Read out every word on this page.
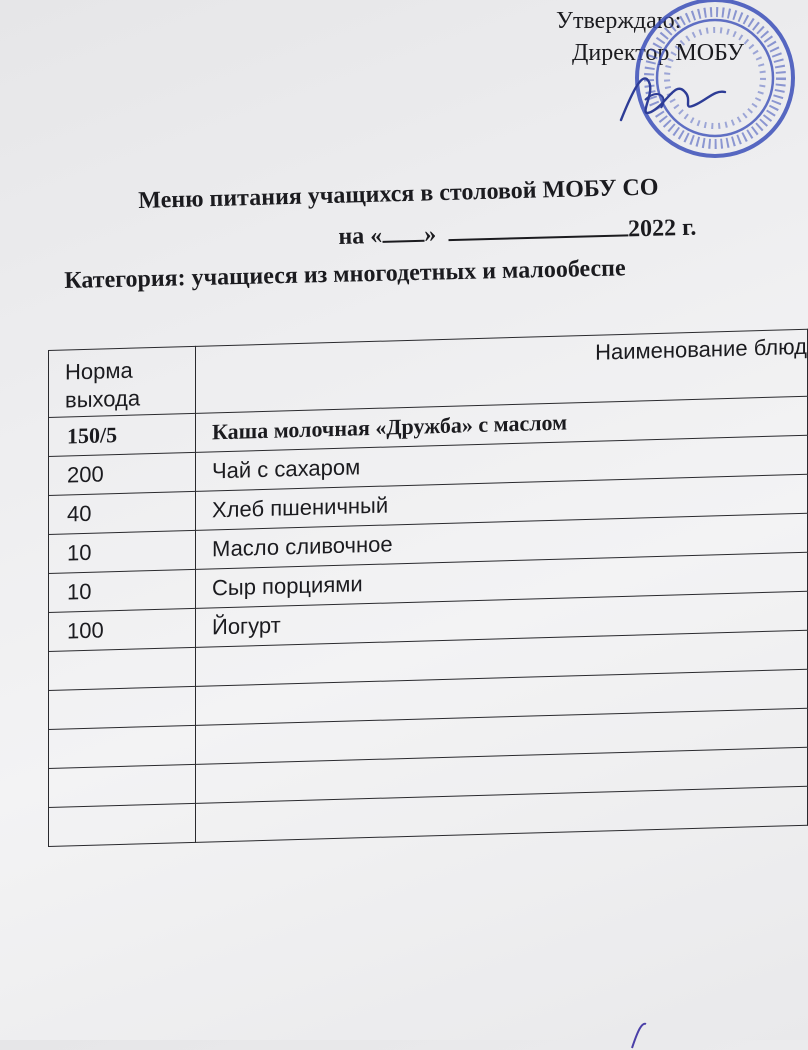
Утверждаю:
Директор МОБУ
Меню питания учащихся в столовой МОБУ СО
на « »	2022 г.
Категория: учащиеся из многодетных и малообеспе
Норма выхода	Наименование блюд
150/5	Каша молочная «Дружба» с маслом
200	Чай с сахаром
40	Хлеб пшеничный
10	Масло сливочное
10	Сыр порциями
100	Йогурт
